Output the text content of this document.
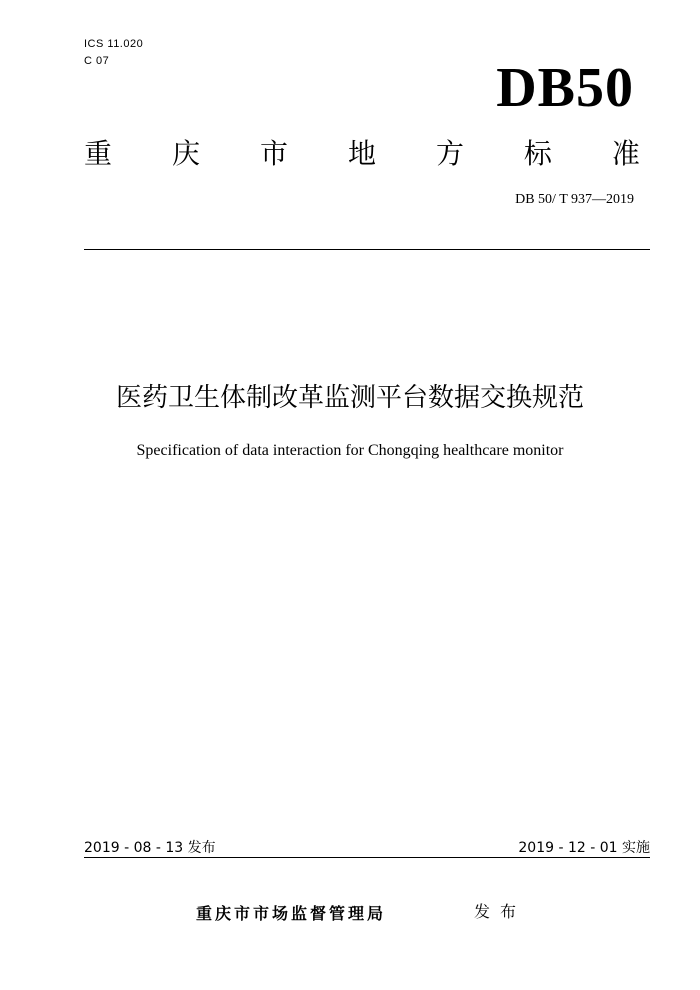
ICS 11.020
C 07	DB50
重 庆 市 地 方 标 准
DB 50/ T 937—2019
医药卫生体制改革监测平台数据交换规范
Specification of data interaction for Chongqing healthcare monitor
2019 - 08 - 13 发布	2019 - 12 - 01 实施
重庆市市场监督管理局	发布
